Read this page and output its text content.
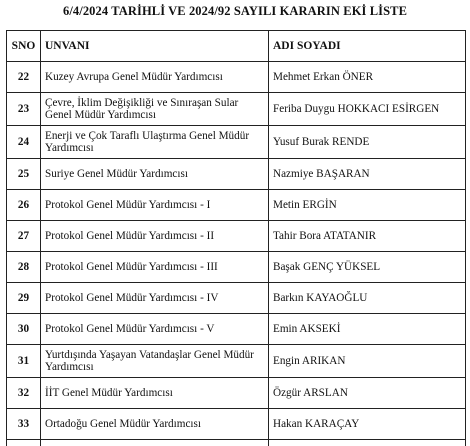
6/4/2024 TARİHLİ VE 2024/92 SAYILI KARARIN EKİ LİSTE
SNO	UNVANI	ADI SOYADI
22	Kuzey Avrupa Genel Müdür Yardımcısı	Mehmet Erkan ÖNER
23	Çevre, İklim Değişikliği ve Sınıraşan Sular Genel Müdür Yardımcısı	Feriba Duygu HOKKACI ESİRGEN
24	Enerji ve Çok Taraflı Ulaştırma Genel Müdür Yardımcısı	Yusuf Burak RENDE
25	Suriye Genel Müdür Yardımcısı	Nazmiye BAŞARAN
26	Protokol Genel Müdür Yardımcısı - I	Metin ERGİN
27	Protokol Genel Müdür Yardımcısı - II	Tahir Bora ATATANIR
28	Protokol Genel Müdür Yardımcısı - III	Başak GENÇ YÜKSEL
29	Protokol Genel Müdür Yardımcısı - IV	Barkın KAYAOĞLU
30	Protokol Genel Müdür Yardımcısı - V	Emin AKSEKİ
31	Yurtdışında Yaşayan Vatandaşlar Genel Müdür Yardımcısı	Engin ARIKAN
32	İİT Genel Müdür Yardımcısı	Özgür ARSLAN
33	Ortadoğu Genel Müdür Yardımcısı	Hakan KARAÇAY
